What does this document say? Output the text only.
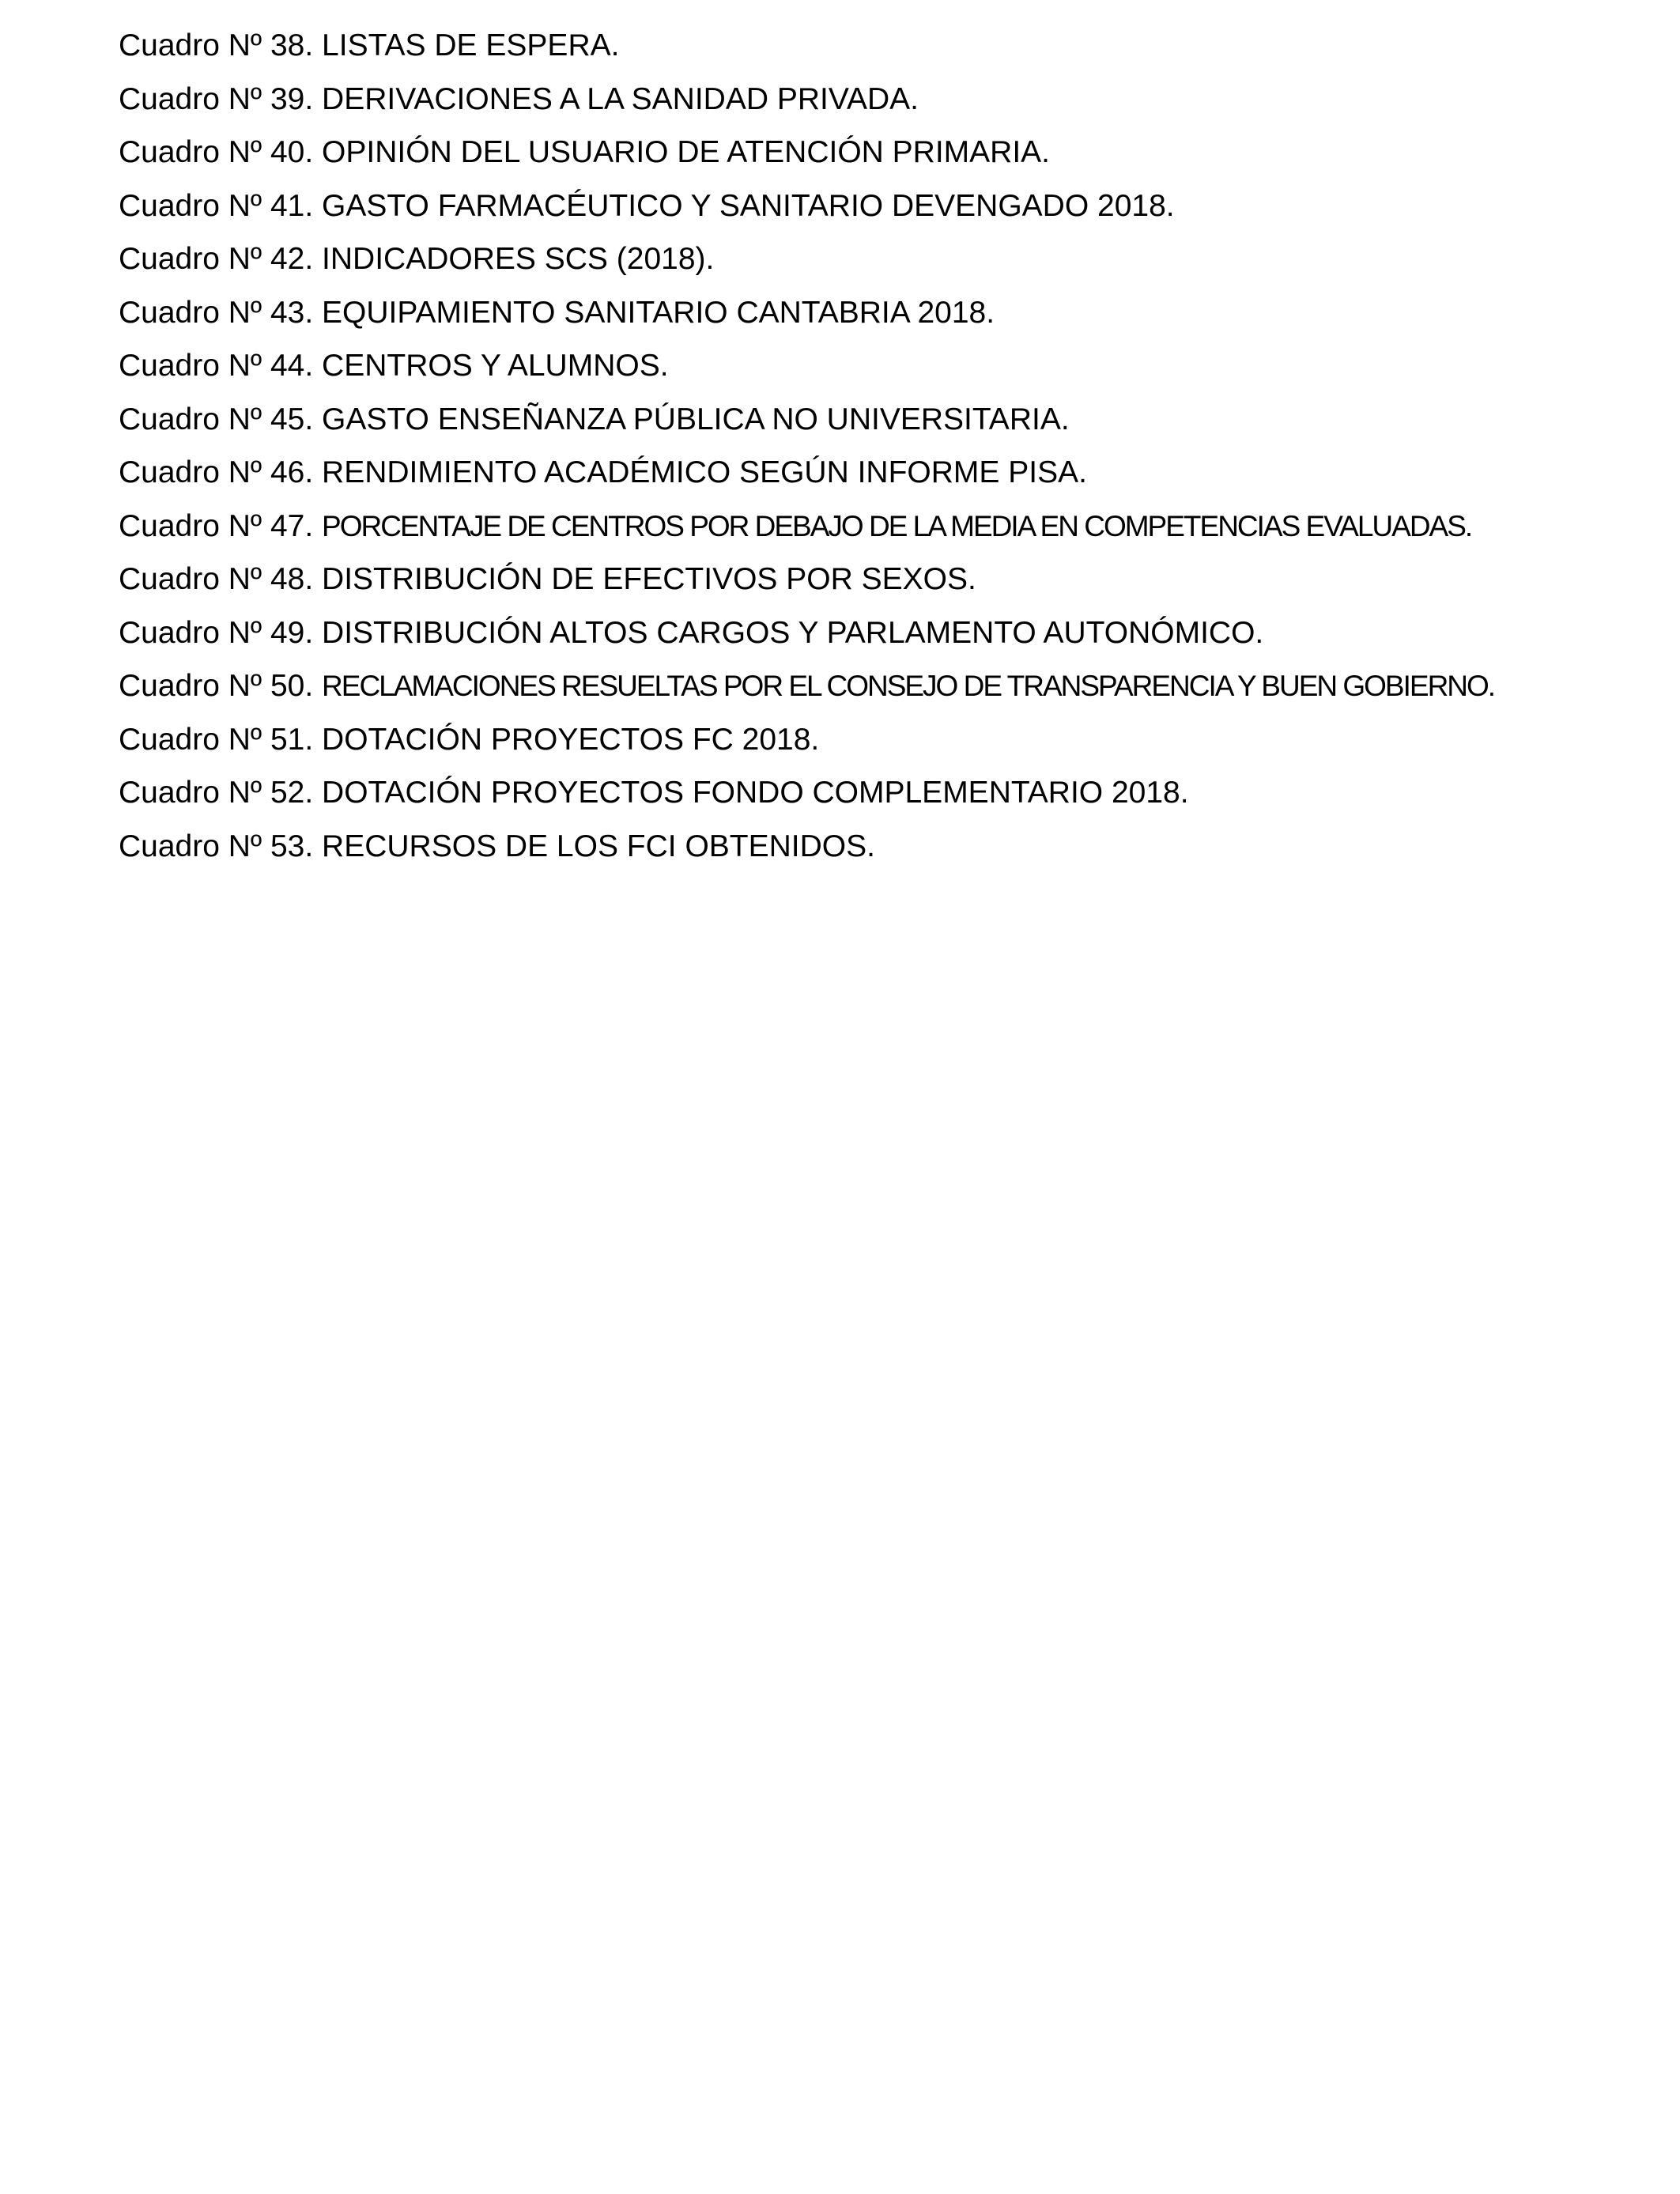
Cuadro Nº 38. LISTAS DE ESPERA.
Cuadro Nº 39. DERIVACIONES A LA SANIDAD PRIVADA.
Cuadro Nº 40. OPINIÓN DEL USUARIO DE ATENCIÓN PRIMARIA.
Cuadro Nº 41. GASTO FARMACÉUTICO Y SANITARIO DEVENGADO 2018.
Cuadro Nº 42. INDICADORES SCS (2018).
Cuadro Nº 43. EQUIPAMIENTO SANITARIO CANTABRIA 2018.
Cuadro Nº 44. CENTROS Y ALUMNOS.
Cuadro Nº 45. GASTO ENSEÑANZA PÚBLICA NO UNIVERSITARIA.
Cuadro Nº 46. RENDIMIENTO ACADÉMICO SEGÚN INFORME PISA.
Cuadro Nº 47. PORCENTAJE DE CENTROS POR DEBAJO DE LA MEDIA EN COMPETENCIAS EVALUADAS.
Cuadro Nº 48. DISTRIBUCIÓN DE EFECTIVOS POR SEXOS.
Cuadro Nº 49. DISTRIBUCIÓN ALTOS CARGOS Y PARLAMENTO AUTONÓMICO.
Cuadro Nº 50. RECLAMACIONES RESUELTAS POR EL CONSEJO DE TRANSPARENCIA Y BUEN GOBIERNO.
Cuadro Nº 51. DOTACIÓN PROYECTOS FC 2018.
Cuadro Nº 52. DOTACIÓN PROYECTOS FONDO COMPLEMENTARIO 2018.
Cuadro Nº 53. RECURSOS DE LOS FCI OBTENIDOS.
